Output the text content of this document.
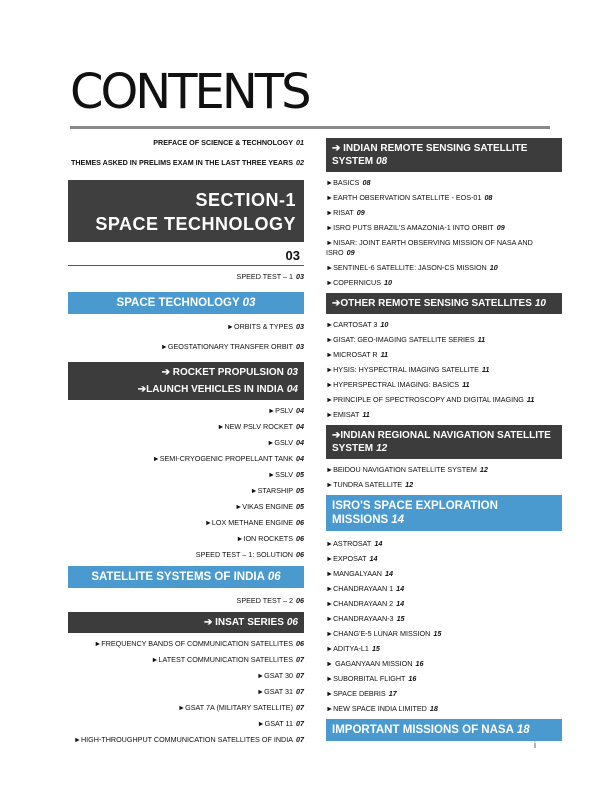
CONTENTS
PREFACE OF SCIENCE & TECHNOLOGY 01
THEMES ASKED IN PRELIMS EXAM IN THE LAST THREE YEARS 02
SECTION-1
SPACE TECHNOLOGY
03
SPEED TEST – 1 03
SPACE TECHNOLOGY 03
►ORBITS & TYPES 03
►GEOSTATIONARY TRANSFER ORBIT 03
➔ ROCKET PROPULSION 03
➔LAUNCH VEHICLES IN INDIA 04
►PSLV 04
►NEW PSLV ROCKET 04
►GSLV 04
►SEMI-CRYOGENIC PROPELLANT TANK 04
►SSLV 05
►STARSHIP 05
►VIKAS ENGINE 05
►LOX METHANE ENGINE 06
►ION ROCKETS 06
SPEED TEST – 1: SOLUTION 06
SATELLITE SYSTEMS OF INDIA 06
SPEED TEST – 2 06
➔ INSAT SERIES 06
►FREQUENCY BANDS OF COMMUNICATION SATELLITES 06
►LATEST COMMUNICATION SATELLITES 07
►GSAT 30 07
►GSAT 31 07
►GSAT 7A (MILITARY SATELLITE) 07
►GSAT 11 07
►HIGH-THROUGHPUT COMMUNICATION SATELLITES OF INDIA 07
➔ INDIAN REMOTE SENSING SATELLITE SYSTEM 08
►BASICS 08
►EARTH OBSERVATION SATELLITE - EOS-01 08
►RISAT 09
►ISRO PUTS BRAZIL'S AMAZONIA-1 INTO ORBIT 09
►NISAR: JOINT EARTH OBSERVING MISSION OF NASA AND ISRO 09
►SENTINEL-6 SATELLITE: JASON-CS MISSION 10
►COPERNICUS 10
➔OTHER REMOTE SENSING SATELLITES 10
►CARTOSAT 3 10
►GISAT: GEO-IMAGING SATELLITE SERIES 11
►MICROSAT R 11
►HYSIS: HYSPECTRAL IMAGING SATELLITE 11
►HYPERSPECTRAL IMAGING: BASICS 11
►PRINCIPLE OF SPECTROSCOPY AND DIGITAL IMAGING 11
►EMISAT 11
➔INDIAN REGIONAL NAVIGATION SATELLITE SYSTEM 12
►BEIDOU NAVIGATION SATELLITE SYSTEM 12
►TUNDRA SATELLITE 12
ISRO'S SPACE EXPLORATION MISSIONS 14
►ASTROSAT 14
►EXPOSAT 14
►MANGALYAAN 14
►CHANDRAYAAN 1 14
►CHANDRAYAAN 2 14
►CHANDRAYAAN-3 15
►CHANG'E-5 LUNAR MISSION 15
►ADITYA-L1 15
► GAGANYAAN MISSION 16
►SUBORBITAL FLIGHT 16
►SPACE DEBRIS 17
►NEW SPACE INDIA LIMITED 18
IMPORTANT MISSIONS OF NASA 18
i
